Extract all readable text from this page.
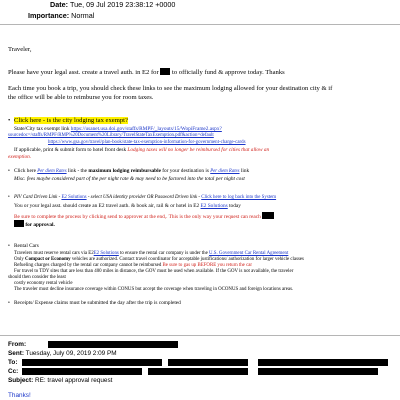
Date: Tue, 09 Jul 2019 23:38:12 +0000
Importance: Normal
Traveler,
Please have your legal asst. create a travel auth. in E2 for to officially fund & approve today. Thanks
Each time you book a trip, you should check these links to see the maximum lodging allowed for your destination city & if
the office will be able to reimburse you for room taxes.
• Click here - is the city lodging tax exempt?
State/City tax exempt link https://usanet.usa.doi.gov/staffs/RMPF/_layouts/15/WopiFrame2.aspx?
sourcedoc=/staffs/RMPF/RMP%20Document%20Library/TravelStateTaxExemption.pdf&action=default
https://www.gsa.gov/travel/plan-book/state-tax-exemption-information-for-government-charge-cards
If applicable, print & submit form to hotel front desk Lodging taxes will no longer be reimbursed for cities that allow an
exemption.
• Click here Per diem Rates link - the maximum lodging reimbursable for your destination is Per diem Rates link
Misc. fees maybe considered part of the per night rate & may need to be factored into the total per night cost
• PIV Card Driven Link - E2 Solutions - select USA identity provider OR Password Driven link - Click here to log back into the System
You or your legal asst. should create an E2 travel auth. & book air, rail & or hotel in E2 E2 Solutions today
Be sure to complete the process by clicking send to approver at the end,. This is the only way your request can reach
for approval.
• Rental Cars
Travelers must reserve rental cars via E2E2 Solutions to ensure the rental car company is under the U.S. Government Car Rental Agreement
Only Compact or Economy vehicles are authorized. Contact travel coordinator for acceptable justifications/ authorization for larger vehicle classes
Refueling charges charged by the rental car company cannot be reimbursed Be sure to gas up BEFORE you return the car
For travel to TDY sites that are less than 400 miles in distance, the GOV must be used when available. If the GOV is not available, the traveler
should then consider the least
costly economy rental vehicle
The traveler must decline insurance coverage within CONUS but accept the coverage when traveling in OCONUS and foreign locations areas.
• Receipts/ Expense claims must be submitted the day after the trip is completed
From:
Sent: Tuesday, July 09, 2019 2:09 PM
To:
Cc:
Subject: RE: travel approval request
Thanks!
